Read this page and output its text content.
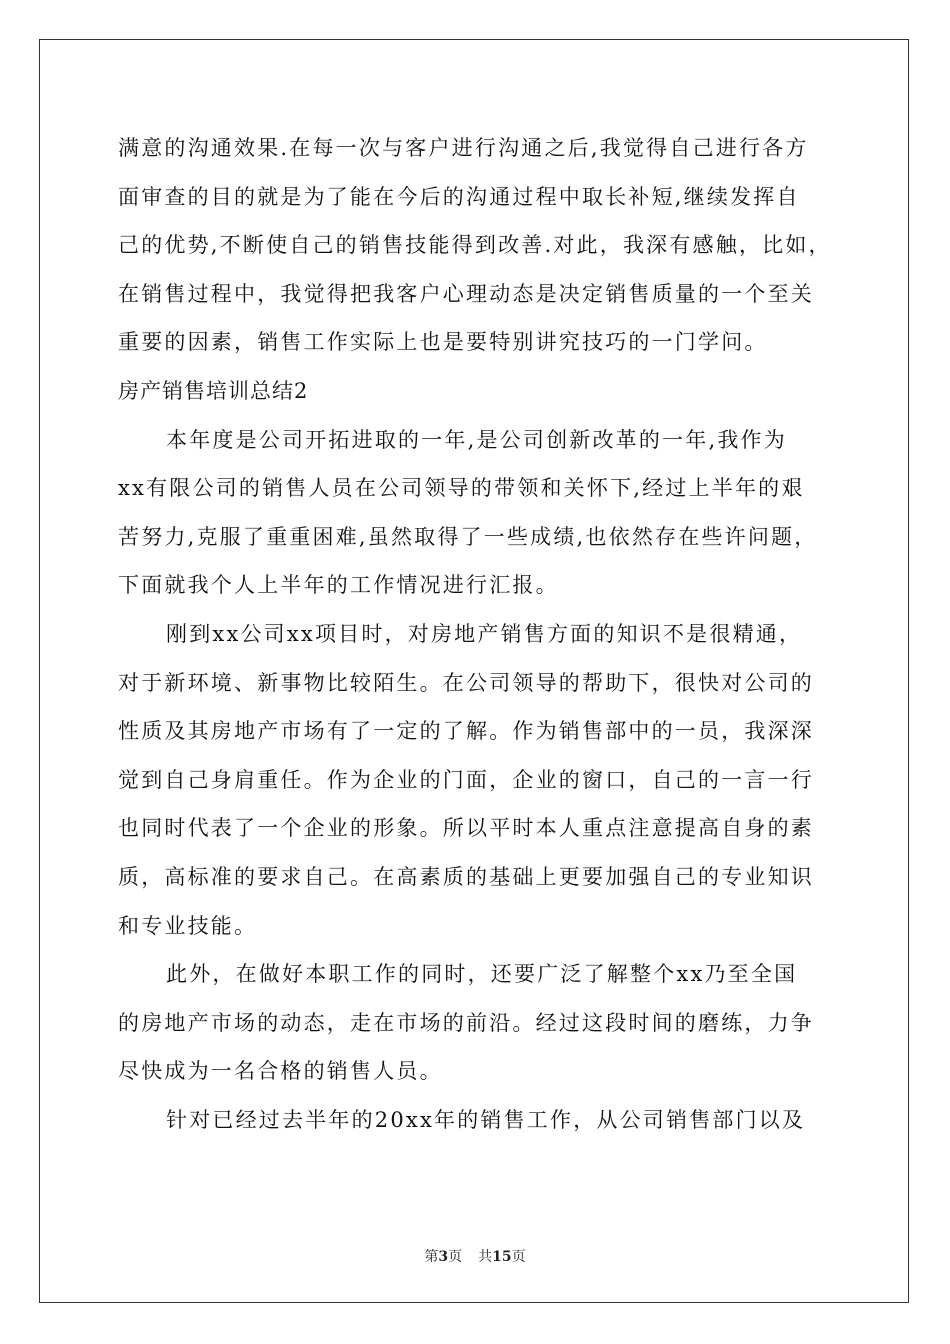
满意的沟通效果.在每一次与客户进行沟通之后,我觉得自己进行各方
面审查的目的就是为了能在今后的沟通过程中取长补短,继续发挥自
己的优势,不断使自己的销售技能得到改善.对此，我深有感触，比如，
在销售过程中，我觉得把我客户心理动态是决定销售质量的一个至关
重要的因素，销售工作实际上也是要特别讲究技巧的一门学问。
房产销售培训总结2
本年度是公司开拓进取的一年,是公司创新改革的一年,我作为
xx有限公司的销售人员在公司领导的带领和关怀下,经过上半年的艰
苦努力,克服了重重困难,虽然取得了一些成绩,也依然存在些许问题，
下面就我个人上半年的工作情况进行汇报。
刚到xx公司xx项目时，对房地产销售方面的知识不是很精通，
对于新环境、新事物比较陌生。在公司领导的帮助下，很快对公司的
性质及其房地产市场有了一定的了解。作为销售部中的一员，我深深
觉到自己身肩重任。作为企业的门面，企业的窗口，自己的一言一行
也同时代表了一个企业的形象。所以平时本人重点注意提高自身的素
质，高标准的要求自己。在高素质的基础上更要加强自己的专业知识
和专业技能。
此外，在做好本职工作的同时，还要广泛了解整个xx乃至全国
的房地产市场的动态，走在市场的前沿。经过这段时间的磨练，力争
尽快成为一名合格的销售人员。
针对已经过去半年的20xx年的销售工作，从公司销售部门以及
第3页 共15页
